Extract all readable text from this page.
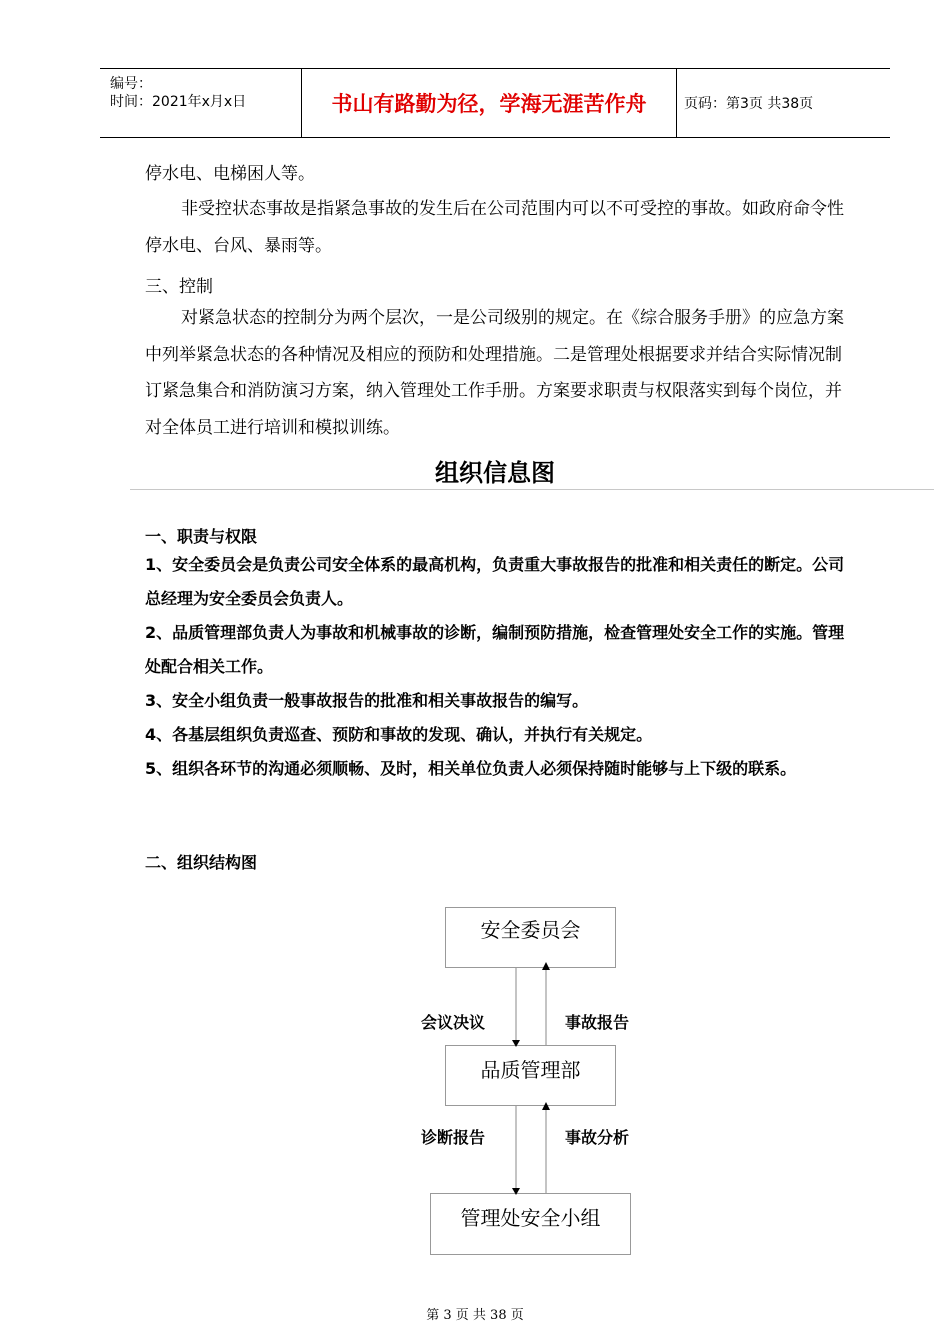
编号：
时间：2021年x月x日	书山有路勤为径，学海无涯苦作舟	页码：第3页 共38页
停水电、电梯困人等。
非受控状态事故是指紧急事故的发生后在公司范围内可以不可受控的事故。如政府命令性停水电、台风、暴雨等。
三、控制
对紧急状态的控制分为两个层次，一是公司级别的规定。在《综合服务手册》的应急方案中列举紧急状态的各种情况及相应的预防和处理措施。二是管理处根据要求并结合实际情况制订紧急集合和消防演习方案，纳入管理处工作手册。方案要求职责与权限落实到每个岗位，并对全体员工进行培训和模拟训练。
组织信息图
一、职责与权限
1、安全委员会是负责公司安全体系的最高机构，负责重大事故报告的批准和相关责任的断定。公司总经理为安全委员会负责人。
2、品质管理部负责人为事故和机械事故的诊断，编制预防措施，检查管理处安全工作的实施。管理处配合相关工作。
3、安全小组负责一般事故报告的批准和相关事故报告的编写。
4、各基层组织负责巡查、预防和事故的发现、确认，并执行有关规定。
5、组织各环节的沟通必须顺畅、及时，相关单位负责人必须保持随时能够与上下级的联系。
二、组织结构图
安全委员会
品质管理部
管理处安全小组
会议决议	事故报告
诊断报告	事故分析
第 3 页 共 38 页
